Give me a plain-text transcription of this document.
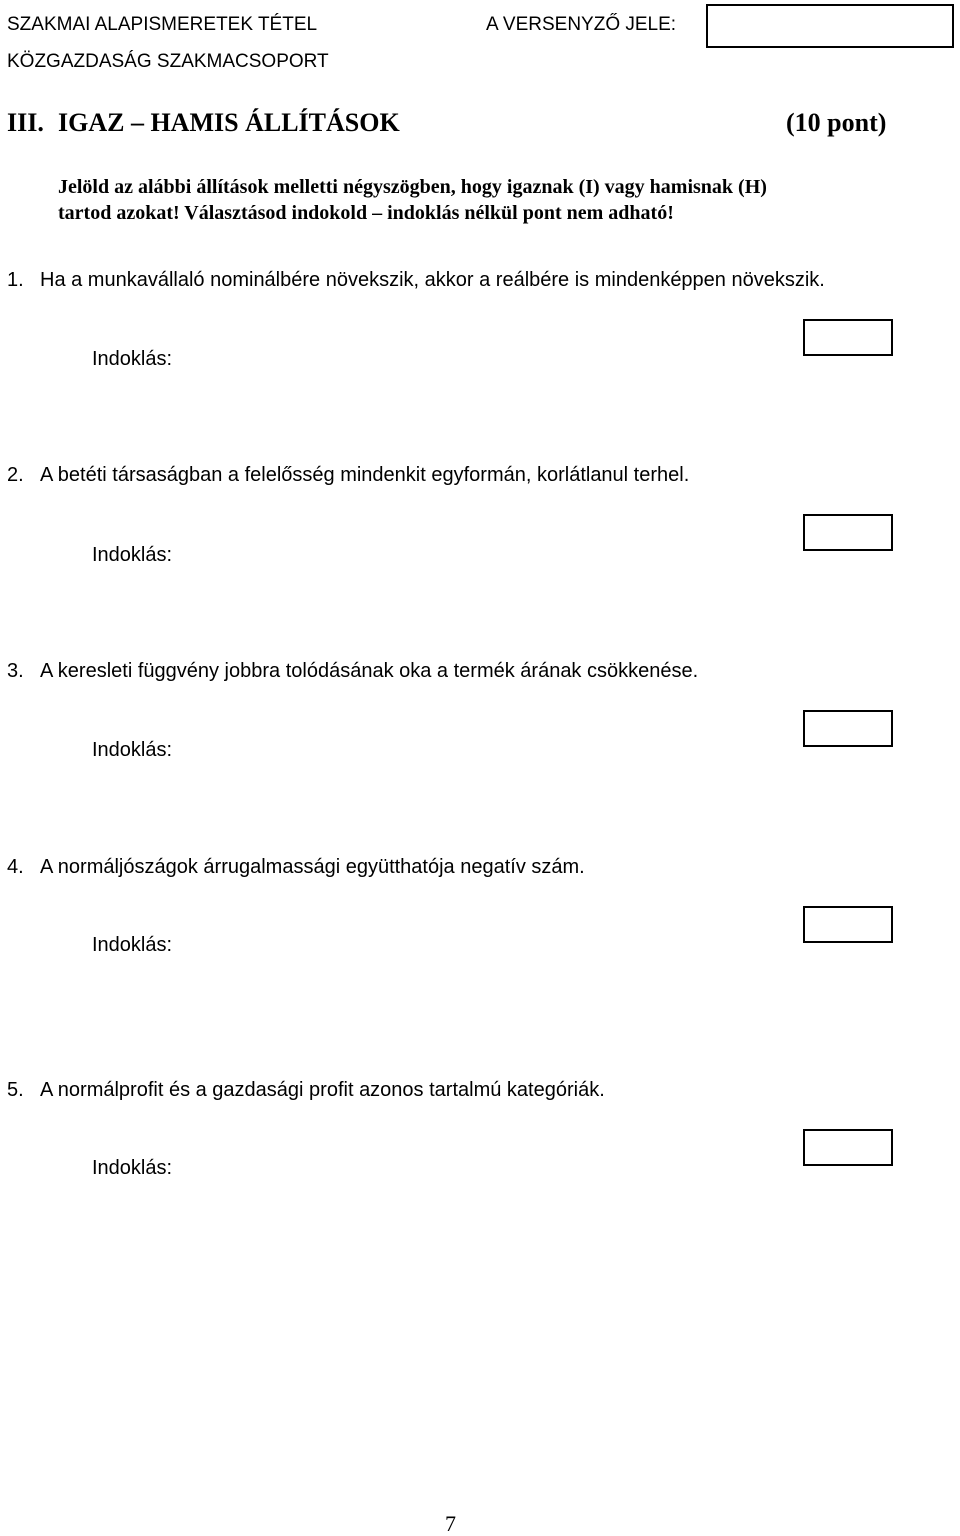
SZAKMAI ALAPISMERETEK TÉTEL
KÖZGAZDASÁG SZAKMACSOPORT
A VERSENYZŐ JELE:
III. IGAZ – HAMIS ÁLLÍTÁSOK	(10 pont)
Jelöld az alábbi állítások melletti négyszögben, hogy igaznak (I) vagy hamisnak (H)
tartod azokat! Választásod indokold – indoklás nélkül pont nem adható!
1. Ha a munkavállaló nominálbére növekszik, akkor a reálbére is mindenképpen növekszik.
Indoklás:
2. A betéti társaságban a felelősség mindenkit egyformán, korlátlanul terhel.
Indoklás:
3. A keresleti függvény jobbra tolódásának oka a termék árának csökkenése.
Indoklás:
4. A normáljószágok árrugalmassági együtthatója negatív szám.
Indoklás:
5. A normálprofit és a gazdasági profit azonos tartalmú kategóriák.
Indoklás:
7
